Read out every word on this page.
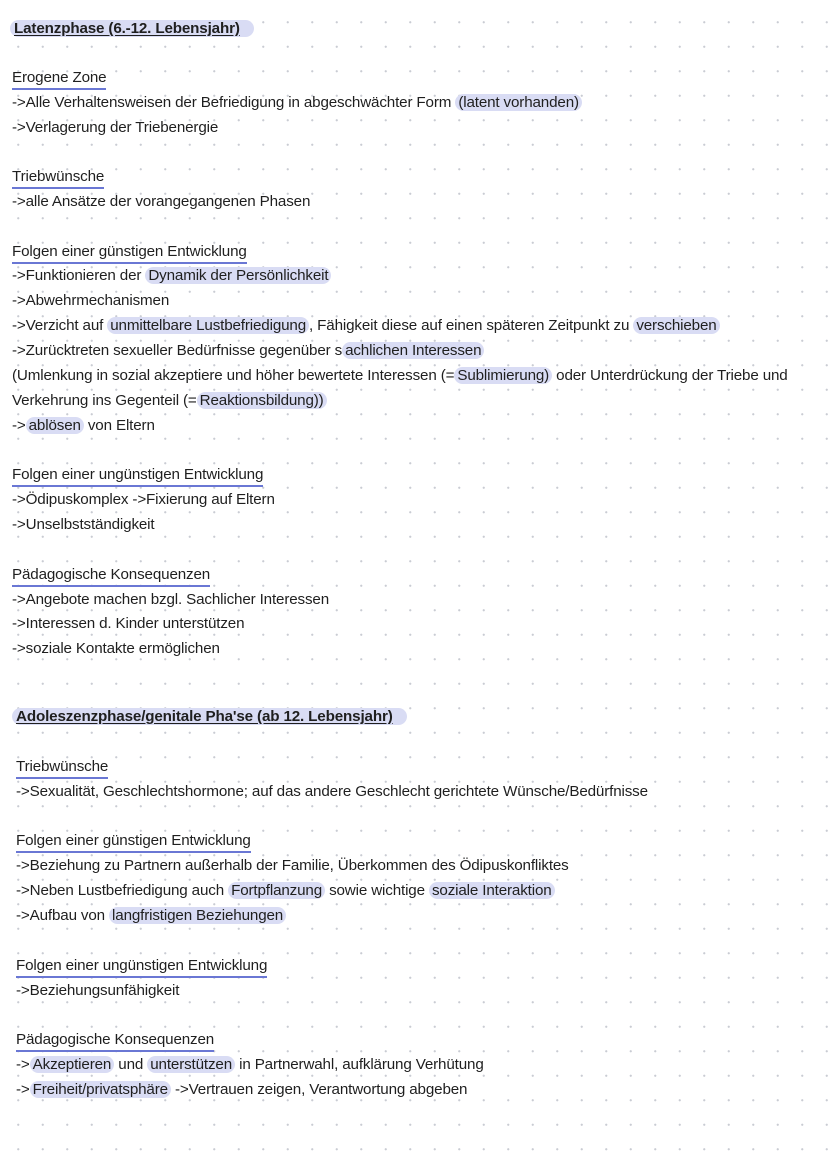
Latenzphase (6.-12. Lebensjahr)
Erogene Zone
->Alle Verhaltensweisen der Befriedigung in abgeschwächter Form (latent vorhanden)
->Verlagerung der Triebenergie
Triebwünsche
->alle Ansätze der vorangegangenen Phasen
Folgen einer günstigen Entwicklung
->Funktionieren der Dynamik der Persönlichkeit
->Abwehrmechanismen
->Verzicht auf unmittelbare Lustbefriedigung , Fähigkeit diese auf einen späteren Zeitpunkt zu verschieben
->Zurücktreten sexueller Bedürfnisse gegenüber s achlichen Interessen
(Umlenkung in sozial akzeptiere und höher bewertete Interessen (= Sublimierung) oder Unterdrückung der Triebe und
Verkehrung ins Gegenteil (= Reaktionsbildung))
-> ablösen von Eltern
Folgen einer ungünstigen Entwicklung
->Ödipuskomplex ->Fixierung auf Eltern
->Unselbstständigkeit
Pädagogische Konsequenzen
->Angebote machen bzgl. Sachlicher Interessen
->Interessen d. Kinder unterstützen
->soziale Kontakte ermöglichen
Adoleszenzphase/genitale Pha'se (ab 12. Lebensjahr)
Triebwünsche
->Sexualität, Geschlechtshormone; auf das andere Geschlecht gerichtete Wünsche/Bedürfnisse
Folgen einer günstigen Entwicklung
->Beziehung zu Partnern außerhalb der Familie, Überkommen des Ödipuskonfliktes
->Neben Lustbefriedigung auch Fortpflanzung sowie wichtige soziale Interaktion
->Aufbau von langfristigen Beziehungen
Folgen einer ungünstigen Entwicklung
->Beziehungsunfähigkeit
Pädagogische Konsequenzen
-> Akzeptieren und unterstützen in Partnerwahl, aufklärung Verhütung
-> Freiheit/privatsphäre ->Vertrauen zeigen, Verantwortung abgeben
